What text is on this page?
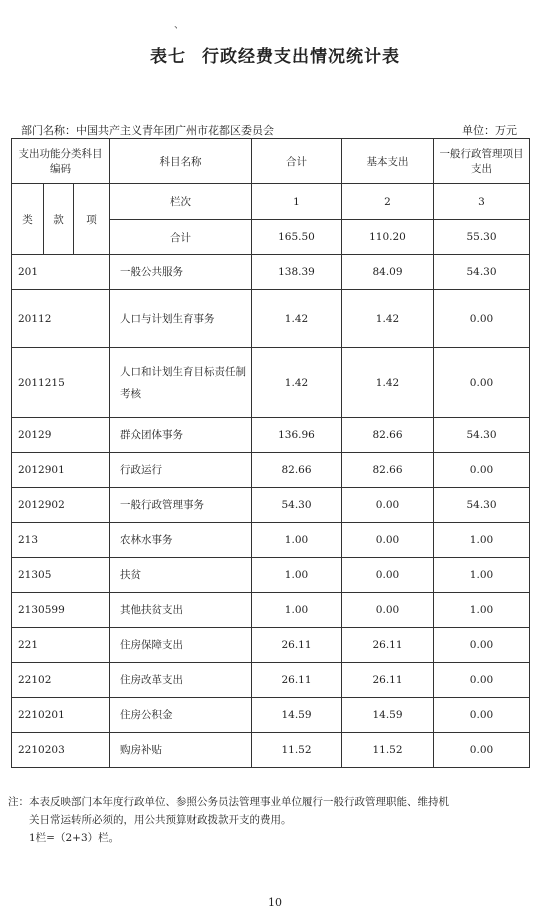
、
表七 行政经费支出情况统计表
部门名称：中国共产主义青年团广州市花都区委员会	单位：万元
支出功能分类科目编码			科目名称	合计	基本支出	一般行政管理项目支出
类	款	项	栏次	1	2	3
			合计	165.50	110.20	55.30
201			一般公共服务	138.39	84.09	54.30
20112			人口与计划生育事务	1.42	1.42	0.00
2011215			人口和计划生育目标责任制考核	1.42	1.42	0.00
20129			群众团体事务	136.96	82.66	54.30
2012901			行政运行	82.66	82.66	0.00
2012902			一般行政管理事务	54.30	0.00	54.30
213			农林水事务	1.00	0.00	1.00
21305			扶贫	1.00	0.00	1.00
2130599			其他扶贫支出	1.00	0.00	1.00
221			住房保障支出	26.11	26.11	0.00
22102			住房改革支出	26.11	26.11	0.00
2210201			住房公积金	14.59	14.59	0.00
2210203			购房补贴	11.52	11.52	0.00
注：本表反映部门本年度行政单位、参照公务员法管理事业单位履行一般行政管理职能、维持机
关日常运转所必须的，用公共预算财政拨款开支的费用。
1栏=（2+3）栏。
10
